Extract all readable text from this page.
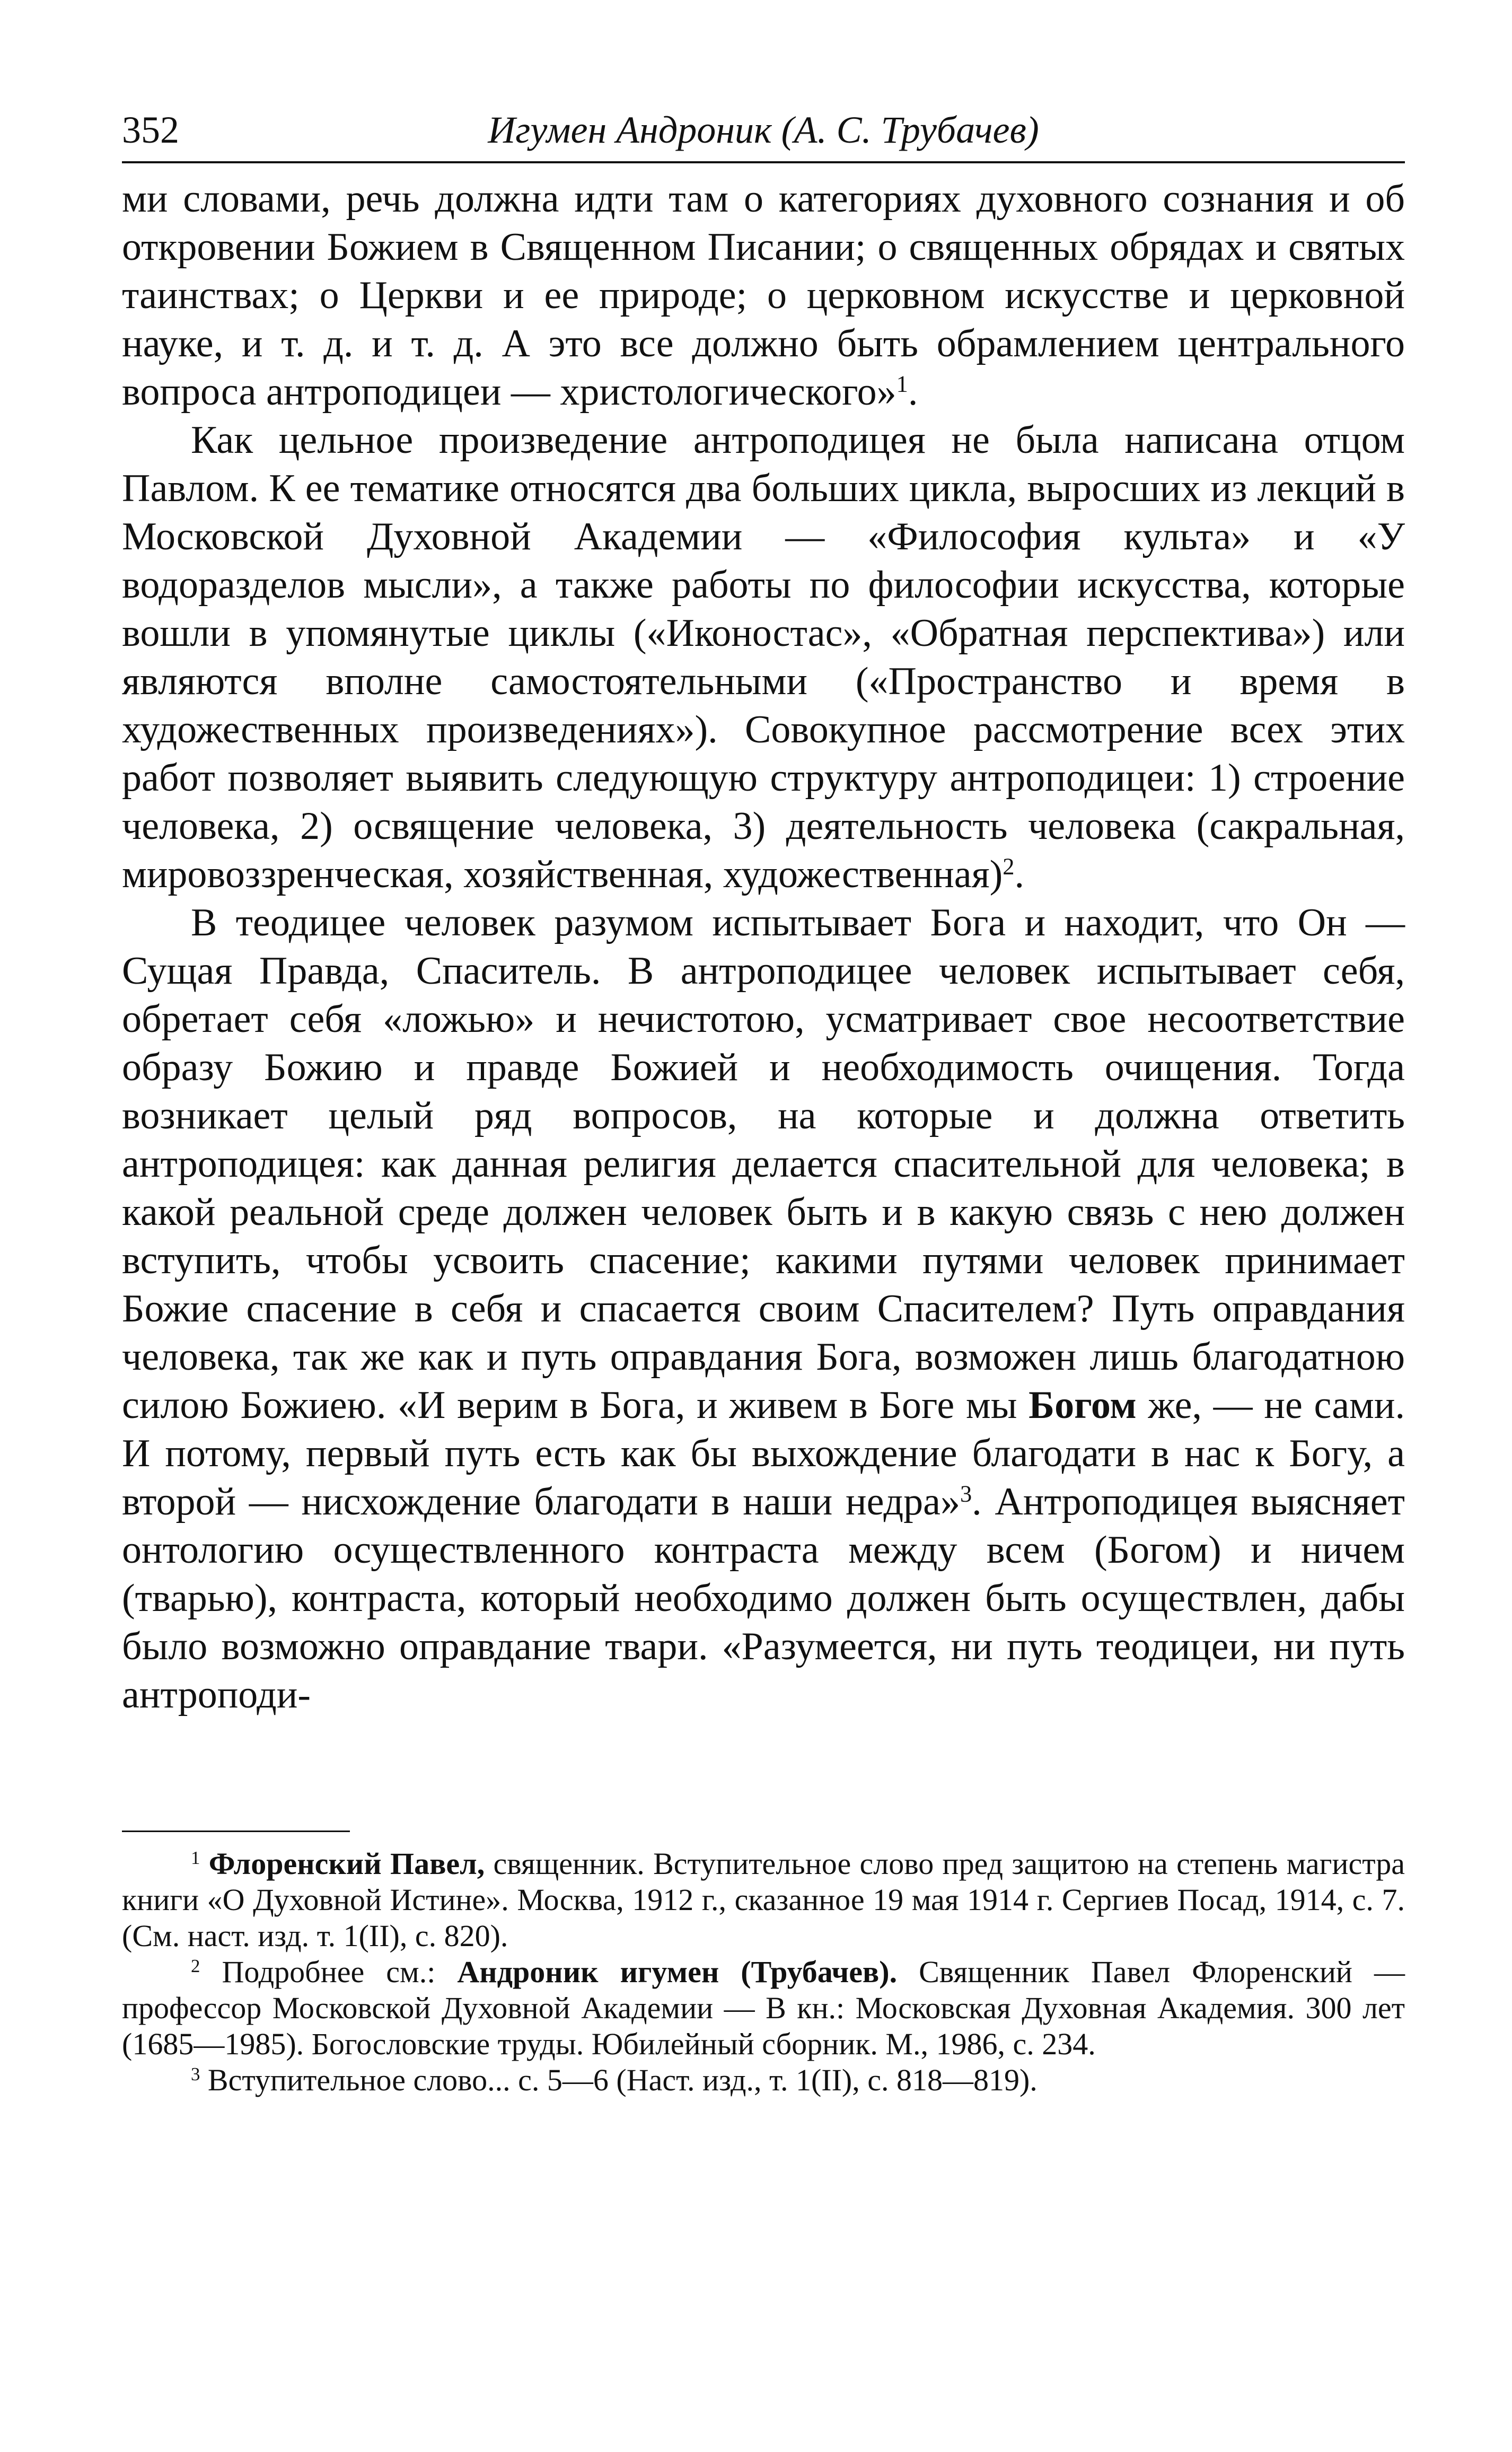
352	Игумен Андроник (А. С. Трубачев)

ми словами, речь должна идти там о категориях духовного сознания и об откровении Божием в Священном Писании; о священных обрядах и святых таинствах; о Церкви и ее природе; о церковном искусстве и церковной науке, и т. д. и т. д. А это все должно быть обрамлением центрального вопроса антроподицеи — христологического»$^1$.

Как цельное произведение антроподицея не была написана отцом Павлом. К ее тематике относятся два больших цикла, выросших из лекций в Московской Духовной Академии — «Философия культа» и «У водоразделов мысли», а также работы по философии искусства, которые вошли в упомянутые циклы («Иконостас», «Обратная перспектива») или являются вполне самостоятельными («Пространство и время в художественных произведениях»). Совокупное рассмотрение всех этих работ позволяет выявить следующую структуру антроподицеи: 1) строение человека, 2) освящение человека, 3) деятельность человека (сакральная, мировоззренческая, хозяйственная, художественная)$^2$.

В теодицее человек разумом испытывает Бога и находит, что Он — Сущая Правда, Спаситель. В антроподицее человек испытывает себя, обретает себя «ложью» и нечистотою, усматривает свое несоответствие образу Божию и правде Божией и необходимость очищения. Тогда возникает целый ряд вопросов, на которые и должна ответить антроподицея: как данная религия делается спасительной для человека; в какой реальной среде должен человек быть и в какую связь с нею должен вступить, чтобы усвоить спасение; какими путями человек принимает Божие спасение в себя и спасается своим Спасителем? Путь оправдания человека, так же как и путь оправдания Бога, возможен лишь благодатною силою Божиею. «И верим в Бога, и живем в Боге мы Богом же, — не сами. И потому, первый путь есть как бы выхождение благодати в нас к Богу, а второй — нисхождение благодати в наши недра»$^3$. Антроподицея выясняет онтологию осуществленного контраста между всем (Богом) и ничем (тварью), контраста, который необходимо должен быть осуществлен, дабы было возможно оправдание твари. «Разумеется, ни путь теодицеи, ни путь антроподи-

$^1$ Флоренский Павел, священник. Вступительное слово пред защитою на степень магистра книги «О Духовной Истине». Москва, 1912 г., сказанное 19 мая 1914 г. Сергиев Посад, 1914, с. 7. (См. наст. изд. т. 1(II), с. 820).

$^2$ Подробнее см.: Андроник игумен (Трубачев). Священник Павел Флоренский — профессор Московской Духовной Академии — В кн.: Московская Духовная Академия. 300 лет (1685—1985). Богословские труды. Юбилейный сборник. М., 1986, с. 234.

$^3$ Вступительное слово... с. 5—6 (Наст. изд., т. 1(II), с. 818—819).
